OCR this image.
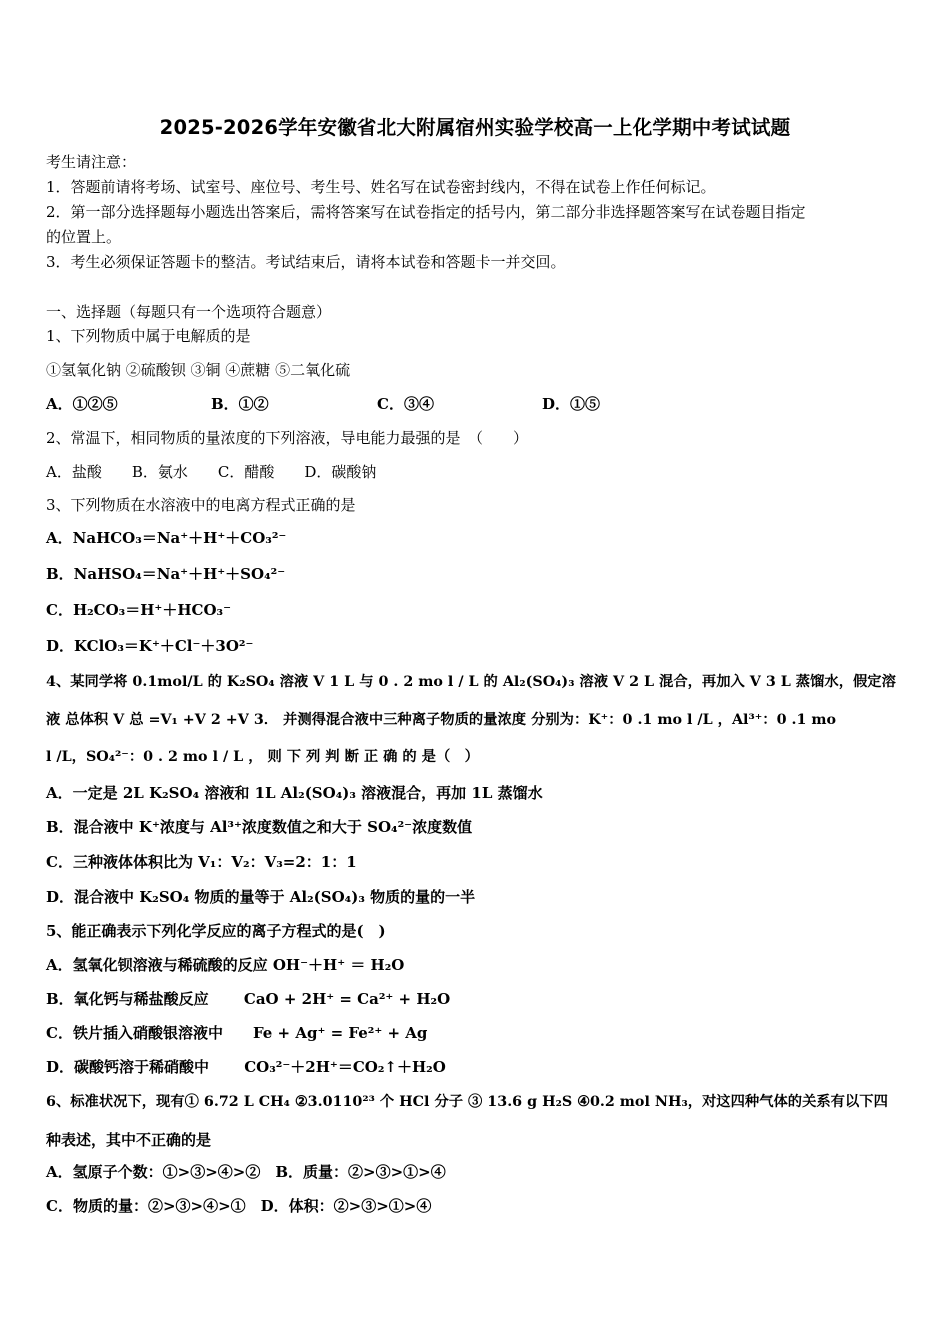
2025-2026学年安徽省北大附属宿州实验学校高一上化学期中考试试题
考生请注意：
1．答题前请将考场、试室号、座位号、考生号、姓名写在试卷密封线内，不得在试卷上作任何标记。
2．第一部分选择题每小题选出答案后，需将答案写在试卷指定的括号内，第二部分非选择题答案写在试卷题目指定
的位置上。
3．考生必须保证答题卡的整洁。考试结束后，请将本试卷和答题卡一并交回。
一、选择题（每题只有一个选项符合题意）
1、下列物质中属于电解质的是
①氢氧化钠 ②硫酸钡 ③铜 ④蔗糖 ⑤二氧化硫
A．①②⑤	B．①②	C．③④	D．①⑤
2、常温下，相同物质的量浓度的下列溶液，导电能力最强的是　（　　）
A．盐酸　　B．氨水　　C．醋酸　　D．碳酸钠
3、下列物质在水溶液中的电离方程式正确的是
A．NaHCO₃＝Na⁺＋H⁺＋CO₃²⁻
B．NaHSO₄＝Na⁺＋H⁺＋SO₄²⁻
C．H₂CO₃＝H⁺＋HCO₃⁻
D．KClO₃＝K⁺＋Cl⁻＋3O²⁻
4、某同学将 0.1mol/L 的 K₂SO₄ 溶液 V 1 L 与 0 . 2 mo l / L 的 Al₂(SO₄)₃ 溶液 V 2 L 混合，再加入 V 3 L 蒸馏水，假定溶
液 总体积 V 总 =V₁ +V 2 +V 3． 并测得混合液中三种离子物质的量浓度 分别为：K⁺：0 .1 mo l /L ，Al³⁺：0 .1 mo
l /L，SO₄²⁻：0 . 2 mo l / L ， 则 下 列 判 断 正 确 的 是（　）
A．一定是 2L K₂SO₄ 溶液和 1L Al₂(SO₄)₃ 溶液混合，再加 1L 蒸馏水
B．混合液中 K⁺浓度与 Al³⁺浓度数值之和大于 SO₄²⁻浓度数值
C．三种液体体积比为 V₁：V₂：V₃=2：1：1
D．混合液中 K₂SO₄ 物质的量等于 Al₂(SO₄)₃ 物质的量的一半
5、能正确表示下列化学反应的离子方程式的是(　)
A．氢氧化钡溶液与稀硫酸的反应 OH⁻＋H⁺ ＝ H₂O
B．氧化钙与稀盐酸反应　　 CaO + 2H⁺ = Ca²⁺ + H₂O
C．铁片插入硝酸银溶液中　　Fe + Ag⁺ = Fe²⁺ + Ag
D．碳酸钙溶于稀硝酸中　　 CO₃²⁻＋2H⁺＝CO₂↑＋H₂O
6、标准状况下，现有① 6.72 L CH₄ ②3.0110²³ 个 HCl 分子 ③ 13.6 g H₂S ④0.2 mol NH₃，对这四种气体的关系有以下四
种表述，其中不正确的是
A．氢原子个数：①>③>④>②　B．质量：②>③>①>④
C．物质的量：②>③>④>①　D．体积：②>③>①>④
